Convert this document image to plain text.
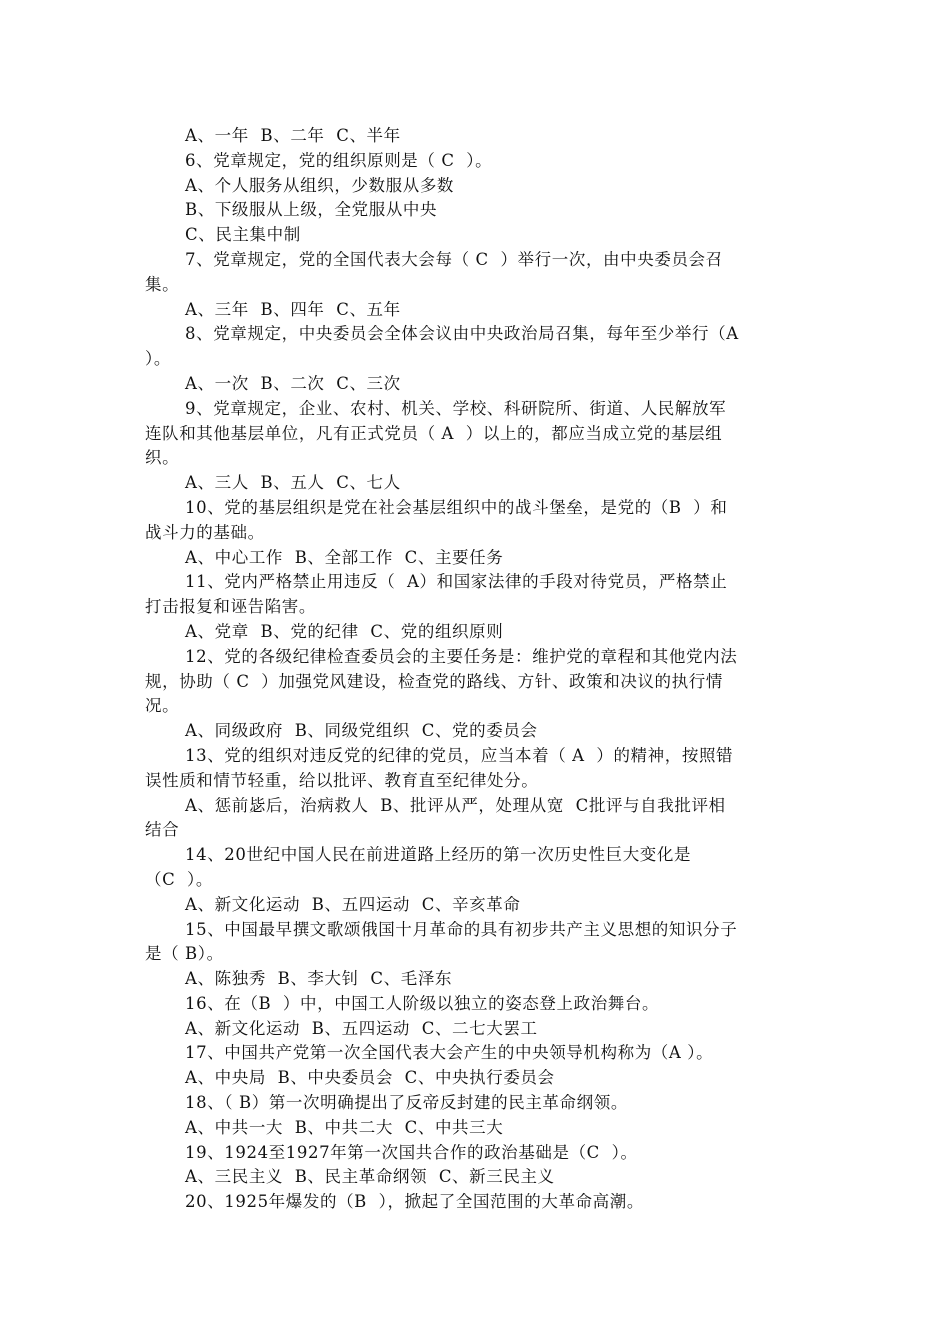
A、一年  B、二年  C、半年
6、党章规定，党的组织原则是（ C  ）。
A、个人服务从组织，少数服从多数
B、下级服从上级，全党服从中央
C、民主集中制
7、党章规定，党的全国代表大会每（ C  ）举行一次，由中央委员会召
集。
A、三年  B、四年  C、五年
8、党章规定，中央委员会全体会议由中央政治局召集，每年至少举行（A
）。
A、一次  B、二次  C、三次
9、党章规定，企业、农村、机关、学校、科研院所、街道、人民解放军
连队和其他基层单位，凡有正式党员（ A  ）以上的，都应当成立党的基层组
织。
A、三人  B、五人  C、七人
10、党的基层组织是党在社会基层组织中的战斗堡垒，是党的（B  ）和
战斗力的基础。
A、中心工作  B、全部工作  C、主要任务
11、党内严格禁止用违反（  A）和国家法律的手段对待党员，严格禁止
打击报复和诬告陷害。
A、党章  B、党的纪律  C、党的组织原则
12、党的各级纪律检查委员会的主要任务是：维护党的章程和其他党内法
规，协助（ C  ）加强党风建设，检查党的路线、方针、政策和决议的执行情
况。
A、同级政府  B、同级党组织  C、党的委员会
13、党的组织对违反党的纪律的党员，应当本着（ A  ）的精神，按照错
误性质和情节轻重，给以批评、教育直至纪律处分。
A、惩前毖后，治病救人  B、批评从严，处理从宽  C批评与自我批评相
结合
14、20世纪中国人民在前进道路上经历的第一次历史性巨大变化是
（C  ）。
A、新文化运动  B、五四运动  C、辛亥革命
15、中国最早撰文歌颂俄国十月革命的具有初步共产主义思想的知识分子
是（ B）。
A、陈独秀  B、李大钊  C、毛泽东
16、在（B  ）中，中国工人阶级以独立的姿态登上政治舞台。
A、新文化运动  B、五四运动  C、二七大罢工
17、中国共产党第一次全国代表大会产生的中央领导机构称为（A ）。
A、中央局  B、中央委员会  C、中央执行委员会
18、（ B）第一次明确提出了反帝反封建的民主革命纲领。
A、中共一大  B、中共二大  C、中共三大
19、1924至1927年第一次国共合作的政治基础是（C  ）。
A、三民主义  B、民主革命纲领  C、新三民主义
20、1925年爆发的（B  ），掀起了全国范围的大革命高潮。
